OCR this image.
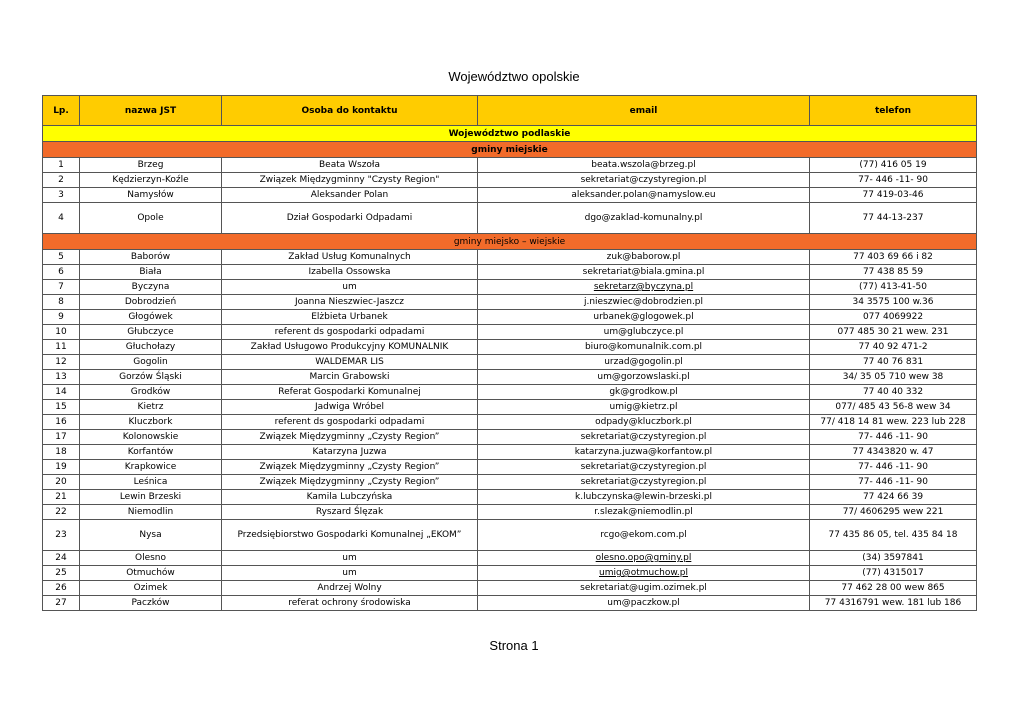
Województwo opolskie
Lp.	nazwa JST	Osoba do kontaktu	email	telefon
Województwo podlaskie				
gminy miejskie				
1	Brzeg	Beata Wszoła	beata.wszola@brzeg.pl	(77) 416 05 19
2	Kędzierzyn-Koźle	Związek Międzygminny "Czysty Region"	sekretariat@czystyregion.pl	77- 446 -11- 90
3	Namysłów	Aleksander Polan	aleksander.polan@namyslow.eu	77 419-03-46
4	Opole	Dział Gospodarki Odpadami	dgo@zaklad-komunalny.pl	77 44-13-237
gminy miejsko – wiejskie				
5	Baborów	Zakład Usług Komunalnych	zuk@baborow.pl	77 403 69 66 i 82
6	Biała	Izabella Ossowska	sekretariat@biala.gmina.pl	77 438 85 59
7	Byczyna	um	sekretarz@byczyna.pl	(77) 413-41-50
8	Dobrodzień	Joanna Nieszwiec-Jaszcz	j.nieszwiec@dobrodzien.pl	34 3575 100 w.36
9	Głogówek	Elżbieta Urbanek	urbanek@glogowek.pl	077 4069922
10	Głubczyce	referent ds gospodarki odpadami	um@glubczyce.pl	077 485 30 21 wew. 231
11	Głuchołazy	Zakład Usługowo Produkcyjny KOMUNALNIK	biuro@komunalnik.com.pl	77 40 92 471-2
12	Gogolin	WALDEMAR LIS	urzad@gogolin.pl	77 40 76 831
13	Gorzów Śląski	Marcin Grabowski	um@gorzowslaski.pl	34/ 35 05 710 wew 38
14	Grodków	Referat Gospodarki Komunalnej	gk@grodkow.pl	77 40 40 332
15	Kietrz	Jadwiga Wróbel	umig@kietrz.pl	077/ 485 43 56-8 wew 34
16	Kluczbork	referent ds gospodarki odpadami	odpady@kluczbork.pl	77/ 418 14 81 wew. 223 lub 228
17	Kolonowskie	Związek Międzygminny „Czysty Region”	sekretariat@czystyregion.pl	77- 446 -11- 90
18	Korfantów	Katarzyna Juzwa	katarzyna.juzwa@korfantow.pl	77 4343820 w. 47
19	Krapkowice	Związek Międzygminny „Czysty Region”	sekretariat@czystyregion.pl	77- 446 -11- 90
20	Leśnica	Związek Międzygminny „Czysty Region”	sekretariat@czystyregion.pl	77- 446 -11- 90
21	Lewin Brzeski	Kamila Lubczyńska	k.lubczynska@lewin-brzeski.pl	77 424 66 39
22	Niemodlin	Ryszard Ślęzak	r.slezak@niemodlin.pl	77/ 4606295 wew 221
23	Nysa	Przedsiębiorstwo Gospodarki Komunalnej „EKOM”	rcgo@ekom.com.pl	77 435 86 05, tel. 435 84 18
24	Olesno	um	olesno.opo@gminy.pl	(34) 3597841
25	Otmuchów	um	umig@otmuchow.pl	(77) 4315017
26	Ozimek	Andrzej Wolny	sekretariat@ugim.ozimek.pl	77 462 28 00 wew 865
27	Paczków	referat ochrony środowiska	um@paczkow.pl	77 4316791 wew. 181 lub 186
Strona 1
